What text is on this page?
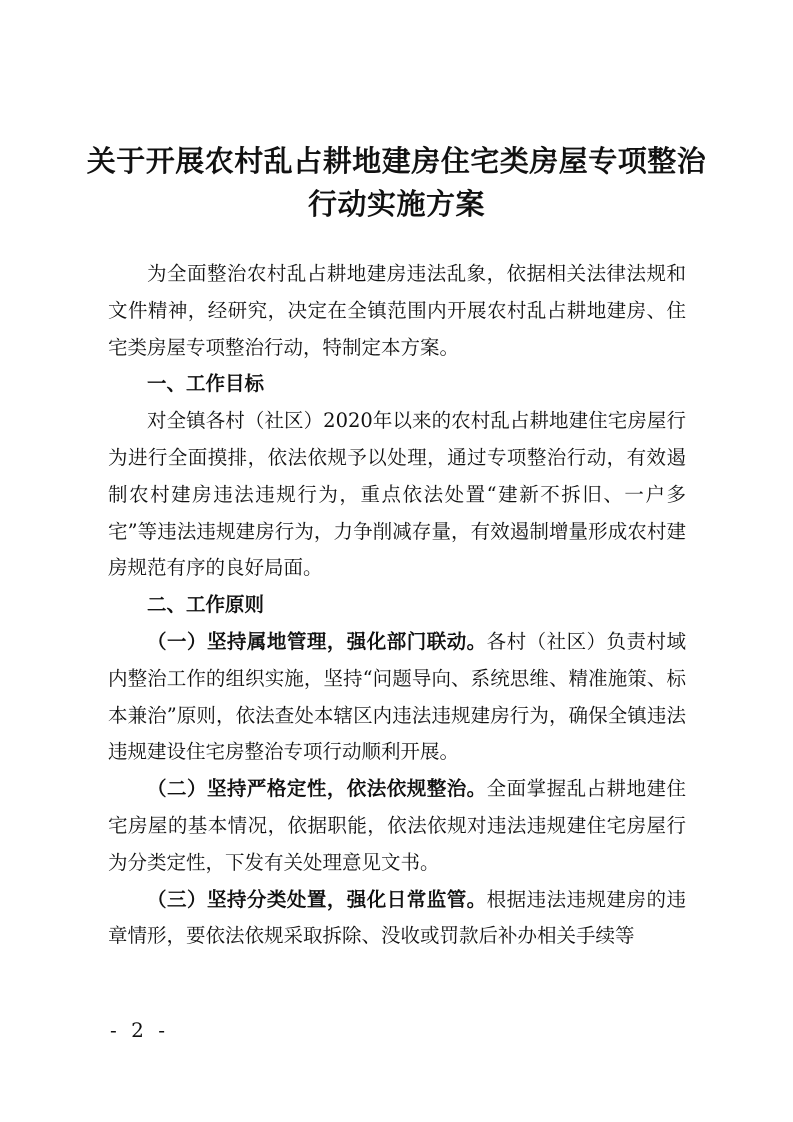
关于开展农村乱占耕地建房住宅类房屋专项整治
行动实施方案

为全面整治农村乱占耕地建房违法乱象，依据相关法律法规和文件精神，经研究，决定在全镇范围内开展农村乱占耕地建房、住宅类房屋专项整治行动，特制定本方案。

一、工作目标

对全镇各村（社区）2020年以来的农村乱占耕地建住宅房屋行为进行全面摸排，依法依规予以处理，通过专项整治行动，有效遏制农村建房违法违规行为，重点依法处置“建新不拆旧、一户多宅”等违法违规建房行为，力争削减存量，有效遏制增量形成农村建房规范有序的良好局面。

二、工作原则

（一）坚持属地管理，强化部门联动。各村（社区）负责村域内整治工作的组织实施，坚持“问题导向、系统思维、精准施策、标本兼治”原则，依法查处本辖区内违法违规建房行为，确保全镇违法违规建设住宅房整治专项行动顺利开展。

（二）坚持严格定性，依法依规整治。全面掌握乱占耕地建住宅房屋的基本情况，依据职能，依法依规对违法违规建住宅房屋行为分类定性，下发有关处理意见文书。

（三）坚持分类处置，强化日常监管。根据违法违规建房的违章情形，要依法依规采取拆除、没收或罚款后补办相关手续等

- 2 -
